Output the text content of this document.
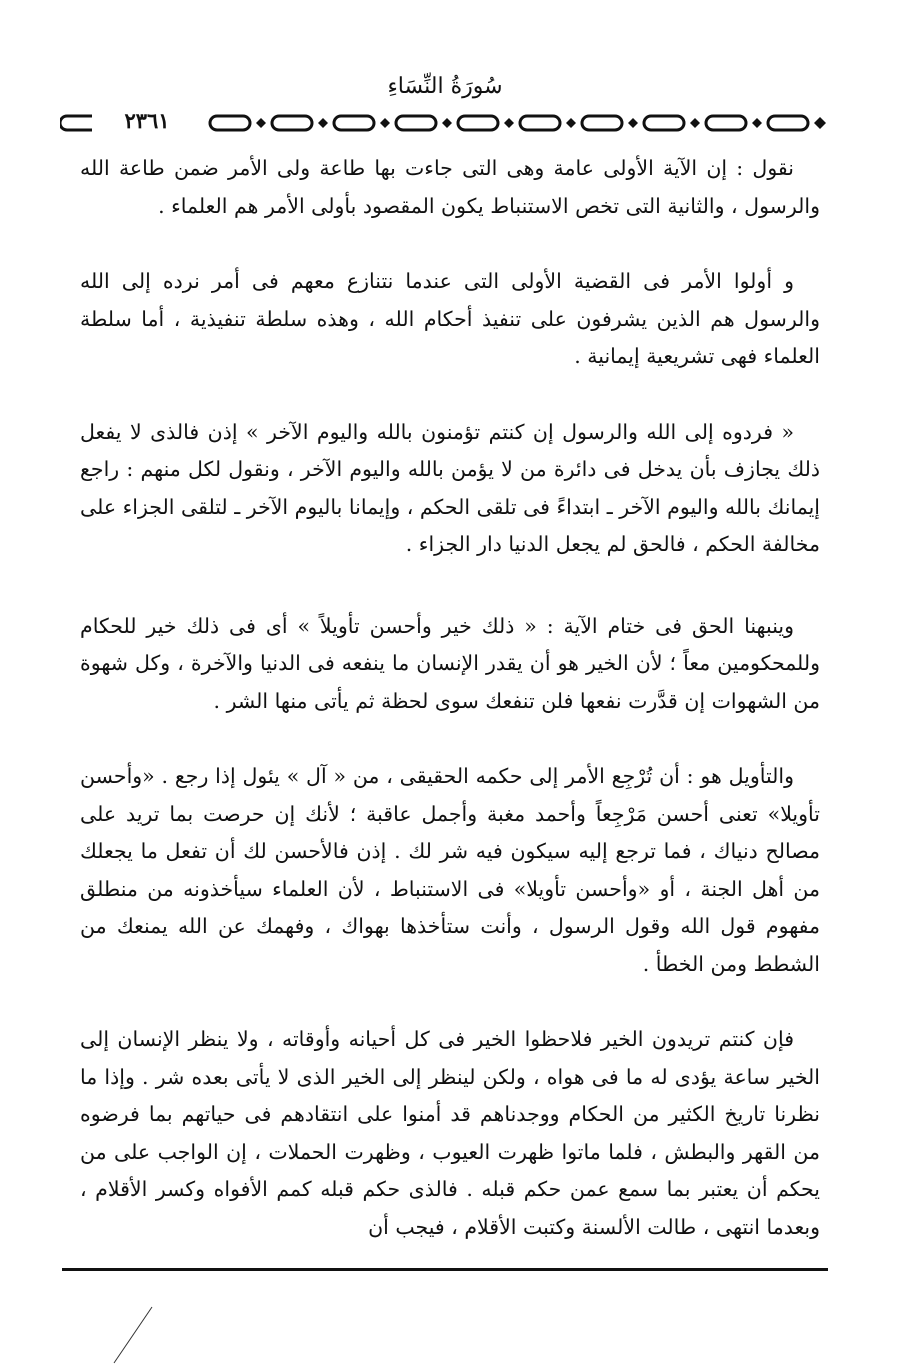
سُورَةُ النِّسَاءِ
٢٣٦١

نقول : إن الآية الأولى عامة وهى التى جاءت بها طاعة ولى الأمر ضمن طاعة الله والرسول ، والثانية التى تخص الاستنباط يكون المقصود بأولى الأمر هم العلماء .

و أولوا الأمر فى القضية الأولى التى عندما نتنازع معهم فى أمر نرده إلى الله والرسول هم الذين يشرفون على تنفيذ أحكام الله ، وهذه سلطة تنفيذية ، أما سلطة العلماء فهى تشريعية إيمانية .

« فردوه إلى الله والرسول إن كنتم تؤمنون بالله واليوم الآخر » إذن فالذى لا يفعل ذلك يجازف بأن يدخل فى دائرة من لا يؤمن بالله واليوم الآخر ، ونقول لكل منهم : راجع إيمانك بالله واليوم الآخر ـ ابتداءً فى تلقى الحكم ، وإيمانا باليوم الآخر ـ لتلقى الجزاء على مخالفة الحكم ، فالحق لم يجعل الدنيا دار الجزاء .

وينبهنا الحق فى ختام الآية : « ذلك خير وأحسن تأويلاً » أى فى ذلك خير للحكام وللمحكومين معاً ؛ لأن الخير هو أن يقدر الإنسان ما ينفعه فى الدنيا والآخرة ، وكل شهوة من الشهوات إن قدَّرت نفعها فلن تنفعك سوى لحظة ثم يأتى منها الشر .

والتأويل هو : أن تُرْجِع الأمر إلى حكمه الحقيقى ، من « آل » يئول إذا رجع . «وأحسن تأويلا» تعنى أحسن مَرْجِعاً وأحمد مغبة وأجمل عاقبة ؛ لأنك إن حرصت بما تريد على مصالح دنياك ، فما ترجع إليه سيكون فيه شر لك . إذن فالأحسن لك أن تفعل ما يجعلك من أهل الجنة ، أو «وأحسن تأويلا» فى الاستنباط ، لأن العلماء سيأخذونه من منطلق مفهوم قول الله وقول الرسول ، وأنت ستأخذها بهواك ، وفهمك عن الله يمنعك من الشطط ومن الخطأ .

فإن كنتم تريدون الخير فلاحظوا الخير فى كل أحيانه وأوقاته ، ولا ينظر الإنسان إلى الخير ساعة يؤدى له ما فى هواه ، ولكن لينظر إلى الخير الذى لا يأتى بعده شر . وإذا ما نظرنا تاريخ الكثير من الحكام ووجدناهم قد أمنوا على انتقادهم فى حياتهم بما فرضوه من القهر والبطش ، فلما ماتوا ظهرت العيوب ، وظهرت الحملات ، إن الواجب على من يحكم أن يعتبر بما سمع عمن حكم قبله . فالذى حكم قبله كمم الأفواه وكسر الأقلام ، وبعدما انتهى ، طالت الألسنة وكتبت الأقلام ، فيجب أن
